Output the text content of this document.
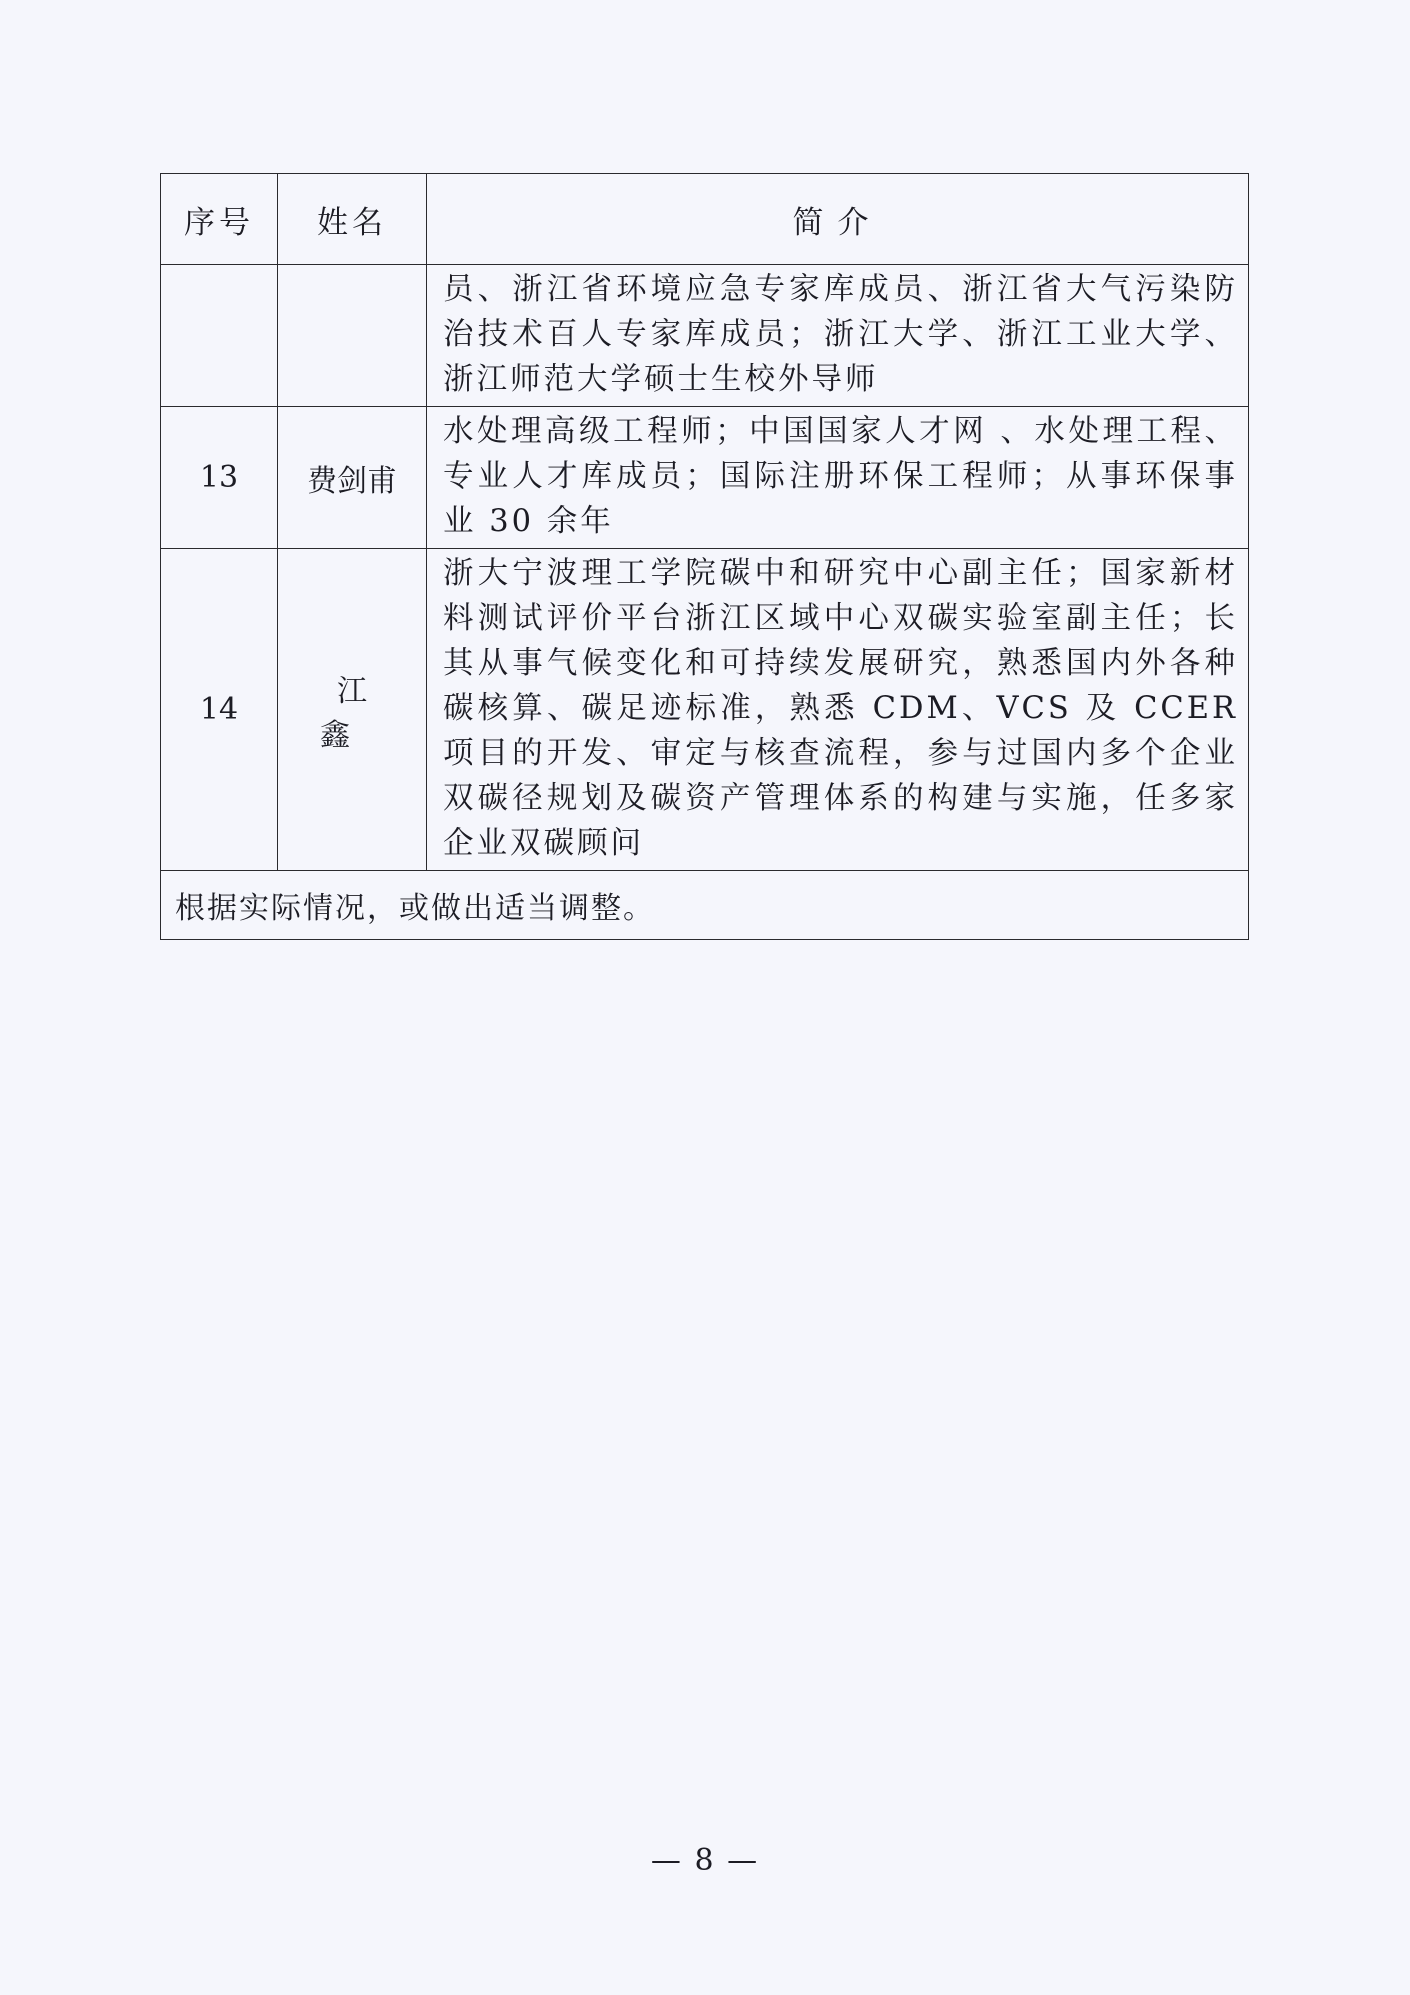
序号	姓名	简介
		员、浙江省环境应急专家库成员、浙江省大气污染防治技术百人专家库成员；浙江大学、浙江工业大学、浙江师范大学硕士生校外导师
13	费剑甫	水处理高级工程师；中国国家人才网 、水处理工程、专业人才库成员；国际注册环保工程师；从事环保事业 30 余年
14	江鑫	浙大宁波理工学院碳中和研究中心副主任；国家新材料测试评价平台浙江区域中心双碳实验室副主任；长其从事气候变化和可持续发展研究，熟悉国内外各种碳核算、碳足迹标准，熟悉 CDM、VCS 及 CCER 项目的开发、审定与核查流程，参与过国内多个企业双碳径规划及碳资产管理体系的构建与实施，任多家企业双碳顾问
根据实际情况，或做出适当调整。		
— 8 —
